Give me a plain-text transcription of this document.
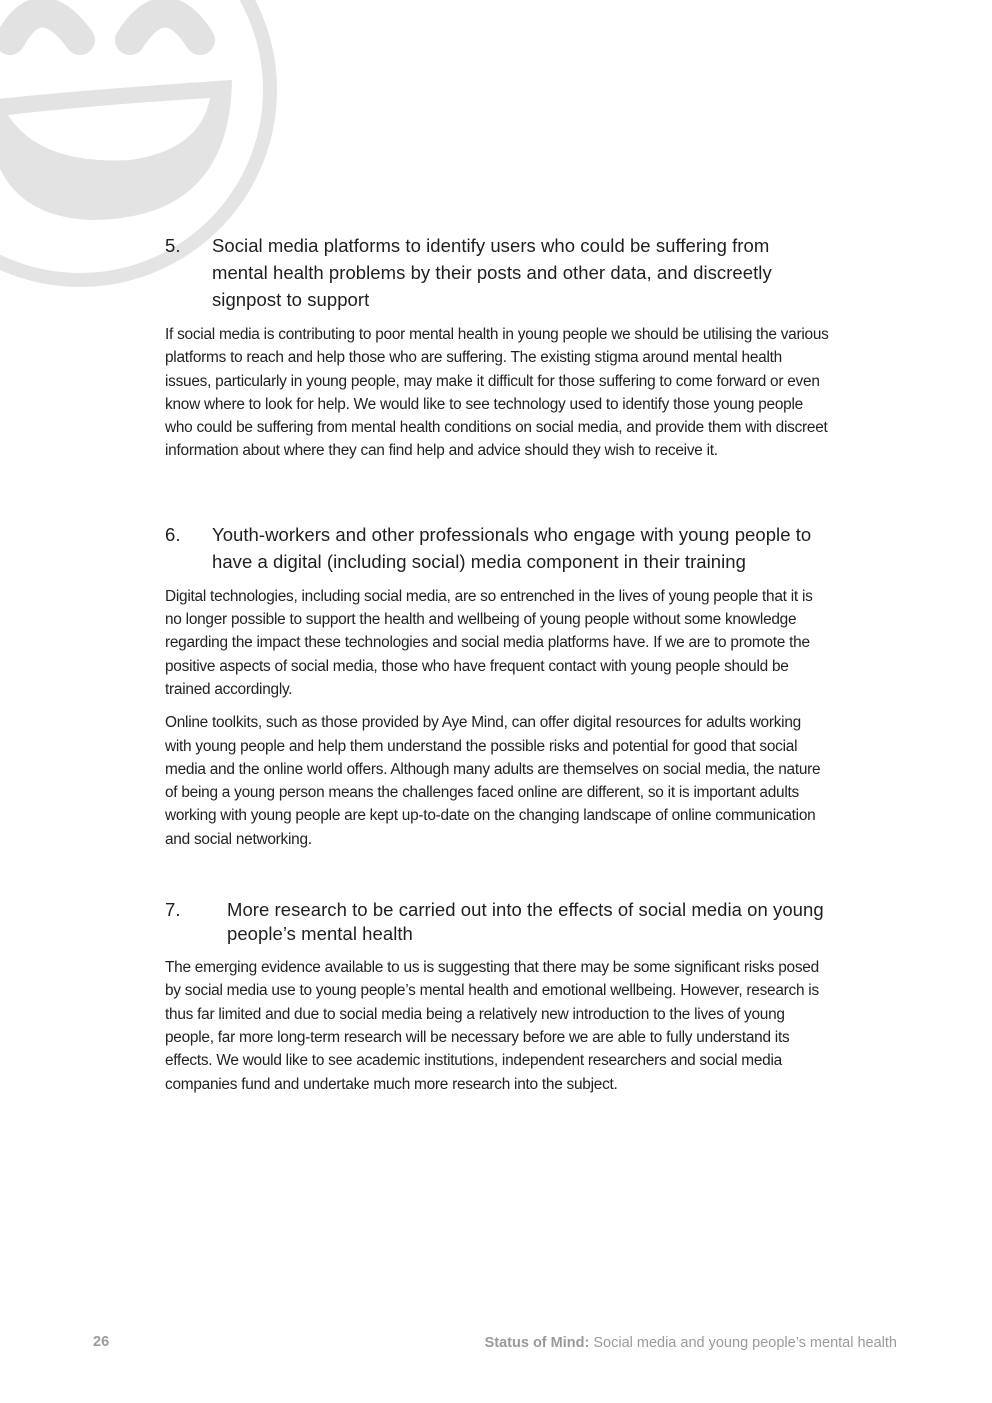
5.	Social media platforms to identify users who could be suffering from mental health problems by their posts and other data, and discreetly signpost to support

If social media is contributing to poor mental health in young people we should be utilising the various platforms to reach and help those who are suffering. The existing stigma around mental health issues, particularly in young people, may make it difficult for those suffering to come forward or even know where to look for help. We would like to see technology used to identify those young people who could be suffering from mental health conditions on social media, and provide them with discreet information about where they can find help and advice should they wish to receive it.

6.	Youth-workers and other professionals who engage with young people to have a digital (including social) media component in their training

Digital technologies, including social media, are so entrenched in the lives of young people that it is no longer possible to support the health and wellbeing of young people without some knowledge regarding the impact these technologies and social media platforms have. If we are to promote the positive aspects of social media, those who have frequent contact with young people should be trained accordingly.

Online toolkits, such as those provided by Aye Mind, can offer digital resources for adults working with young people and help them understand the possible risks and potential for good that social media and the online world offers. Although many adults are themselves on social media, the nature of being a young person means the challenges faced online are different, so it is important adults working with young people are kept up-to-date on the changing landscape of online communication and social networking.

7.	More research to be carried out into the effects of social media on young people’s mental health

The emerging evidence available to us is suggesting that there may be some significant risks posed by social media use to young people’s mental health and emotional wellbeing. However, research is thus far limited and due to social media being a relatively new introduction to the lives of young people, far more long-term research will be necessary before we are able to fully understand its effects. We would like to see academic institutions, independent researchers and social media companies fund and undertake much more research into the subject.

26	Status of Mind: Social media and young people’s mental health
